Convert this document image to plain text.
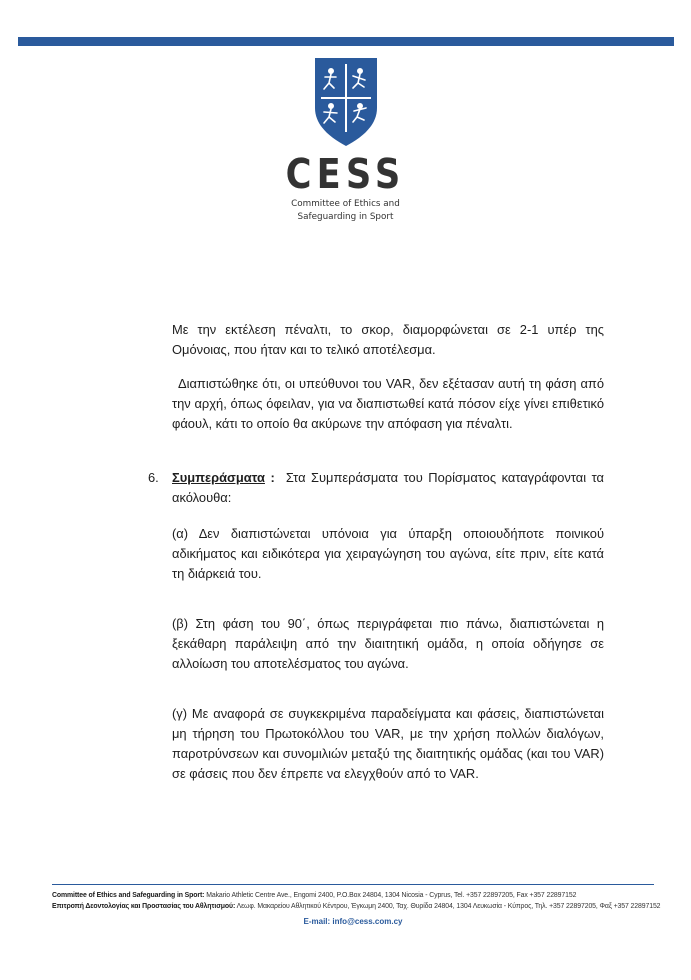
CESS
Committee of Ethics and
Safeguarding in Sport

Με την εκτέλεση πέναλτι, το σκορ, διαμορφώνεται σε 2-1 υπέρ της Ομόνοιας, που ήταν και το τελικό αποτέλεσμα.

Διαπιστώθηκε ότι, οι υπεύθυνοι του VAR, δεν εξέτασαν αυτή τη φάση από την αρχή, όπως όφειλαν, για να διαπιστωθεί κατά πόσον είχε γίνει επιθετικό φάουλ, κάτι το οποίο θα ακύρωνε την απόφαση για πέναλτι.

6. Συμπεράσματα : Στα Συμπεράσματα του Πορίσματος καταγράφονται τα ακόλουθα:

(α) Δεν διαπιστώνεται υπόνοια για ύπαρξη οποιουδήποτε ποινικού αδικήματος και ειδικότερα για χειραγώγηση του αγώνα, είτε πριν, είτε κατά τη διάρκειά του.

(β) Στη φάση του 90΄, όπως περιγράφεται πιο πάνω, διαπιστώνεται η ξεκάθαρη παράλειψη από την διαιτητική ομάδα, η οποία οδήγησε σε αλλοίωση του αποτελέσματος του αγώνα.

(γ) Με αναφορά σε συγκεκριμένα παραδείγματα και φάσεις, διαπιστώνεται μη τήρηση του Πρωτοκόλλου του VAR, με την χρήση πολλών διαλόγων, παροτρύνσεων και συνομιλιών μεταξύ της διαιτητικής ομάδας (και του VAR) σε φάσεις που δεν έπρεπε να ελεγχθούν από το VAR.

Committee of Ethics and Safeguarding in Sport: Makario Athletic Centre Ave., Engomi 2400, P.O.Box 24804, 1304 Nicosia - Cyprus, Tel. +357 22897205, Fax +357 22897152
Επιτροπή Δεοντολογίας και Προστασίας του Αθλητισμού: Λεωφ. Μακαρείου Αθλητικού Κέντρου, Έγκωμη 2400, Ταχ. Θυρίδα 24804, 1304 Λευκωσία - Κύπρος, Τηλ. +357 22897205, Φαξ +357 22897152
E-mail: info@cess.com.cy
